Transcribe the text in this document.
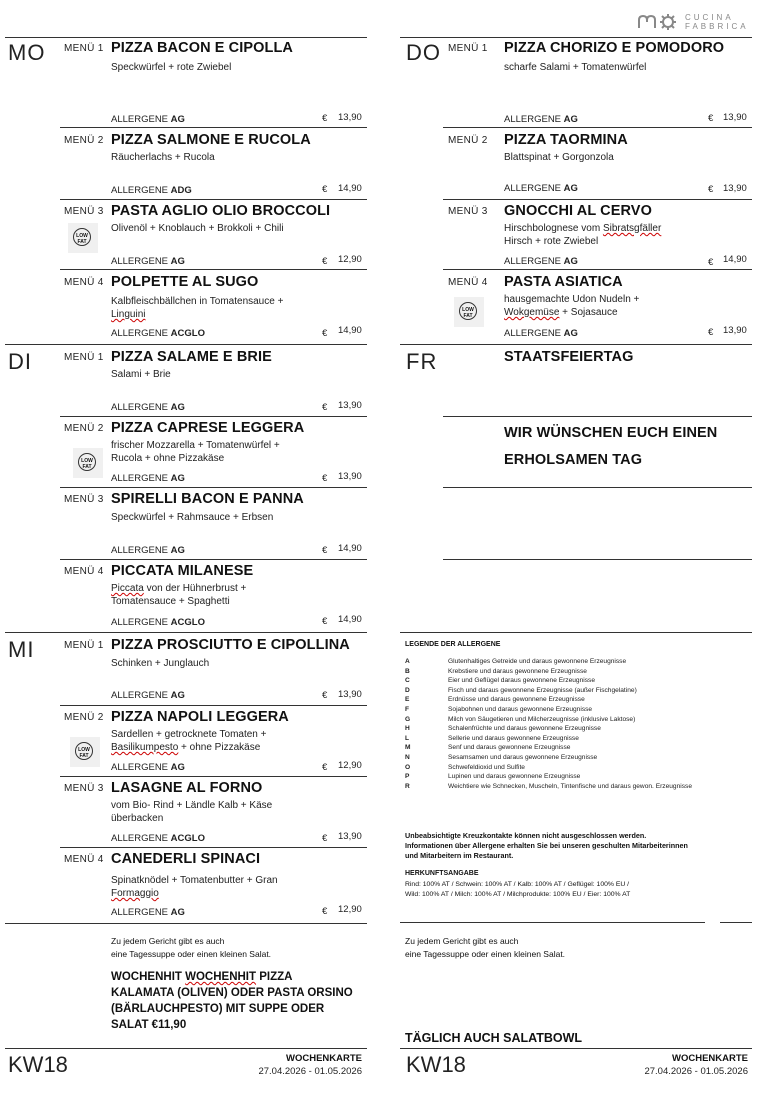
CUCINA
FABBRICA
MO MENÜ 1 PIZZA BACON E CIPOLLA
Speckwürfel + rote Zwiebel
ALLERGENE AG	€ 13,90
MENÜ 2 PIZZA SALMONE E RUCOLA
Räucherlachs + Rucola
ALLERGENE ADG	€ 14,90
MENÜ 3
LOW
FAT
PASTA AGLIO OLIO BROCCOLI
Olivenöl + Knoblauch + Brokkoli + Chili
ALLERGENE AG	€ 12,90
MENÜ 4 POLPETTE AL SUGO
Kalbfleischbällchen in Tomatensauce +
Linguini
ALLERGENE ACGLO	€ 14,90
DI	MENÜ 1 PIZZA SALAME E BRIE
Salami + Brie
ALLERGENE AG	€ 13,90
MENÜ 2
LOW
FAT
PIZZA CAPRESE LEGGERA
frischer Mozzarella + Tomatenwürfel +
Rucola + ohne Pizzakäse
ALLERGENE AG	€ 13,90
MENÜ 3 SPIRELLI BACON E PANNA
Speckwürfel + Rahmsauce + Erbsen
ALLERGENE AG	€ 14,90
MENÜ 4 PICCATA MILANESE
Piccata von der Hühnerbrust +
Tomatensauce + Spaghetti
ALLERGENE ACGLO	€ 14,90
MI	MENÜ 1 PIZZA PROSCIUTTO E CIPOLLINA
Schinken + Junglauch
ALLERGENE AG	€ 13,90
MENÜ 2
LOW
FAT
PIZZA NAPOLI LEGGERA
Sardellen + getrocknete Tomaten +
Basilikumpesto + ohne Pizzakäse
ALLERGENE AG	€ 12,90
MENÜ 3 LASAGNE AL FORNO
vom Bio- Rind + Ländle Kalb + Käse
überbacken
ALLERGENE ACGLO	€ 13,90
MENÜ 4 CANEDERLI SPINACI
Spinatknödel + Tomatenbutter + Gran
Formaggio
ALLERGENE AG	€ 12,90
Zu jedem Gericht gibt es auch
eine Tagessuppe oder einen kleinen Salat.
WOCHENHIT WOCHENHIT PIZZA
KALAMATA (OLIVEN) ODER PASTA ORSINO
(BÄRLAUCHPESTO) MIT SUPPE ODER
SALAT €11,90
KW18	WOCHENKARTE
27.04.2026 - 01.05.2026
DO MENÜ 1 PIZZA CHORIZO E POMODORO
scharfe Salami + Tomatenwürfel
ALLERGENE AG	€ 13,90
MENÜ 2 PIZZA TAORMINA
Blattspinat + Gorgonzola
ALLERGENE AG	€ 13,90
MENÜ 3 GNOCCHI AL CERVO
Hirschbolognese vom Sibratsgfäller
Hirsch + rote Zwiebel
ALLERGENE AG	€ 14,90
MENÜ 4
LOW
FAT
PASTA ASIATICA
hausgemachte Udon Nudeln +
Wokgemüse + Sojasauce
ALLERGENE AG	€ 13,90
FR	STAATSFEIERTAG
WIR WÜNSCHEN EUCH EINEN
ERHOLSAMEN TAG
LEGENDE DER ALLERGENE
A	Glutenhaltiges Getreide und daraus gewonnene Erzeugnisse
B	Krebstiere und daraus gewonnene Erzeugnisse
C	Eier und Geflügel daraus gewonnene Erzeugnisse
D	Fisch und daraus gewonnene Erzeugnisse (außer Fischgelatine)
E	Erdnüsse und daraus gewonnene Erzeugnisse
F	Sojabohnen und daraus gewonnene Erzeugnisse
G	Milch von Säugetieren und Milcherzeugnisse (inklusive Laktose)
H	Schalenfrüchte und daraus gewonnene Erzeugnisse
L	Sellerie und daraus gewonnene Erzeugnisse
M	Senf und daraus gewonnene Erzeugnisse
N	Sesamsamen und daraus gewonnene Erzeugnisse
O	Schwefeldioxid und Sulfite
P	Lupinen und daraus gewonnene Erzeugnisse
R	Weichtiere wie Schnecken, Muscheln, Tintenfische und daraus gewon. Erzeugnisse
Unbeabsichtigte Kreuzkontakte können nicht ausgeschlossen werden.
Informationen über Allergene erhalten Sie bei unseren geschulten Mitarbeiterinnen
und Mitarbeitern im Restaurant.
HERKUNFTSANGABE
Rind: 100% AT / Schwein: 100% AT / Kalb: 100% AT / Geflügel: 100% EU /
Wild: 100% AT / Milch: 100% AT / Milchprodukte: 100% EU / Eier: 100% AT
Zu jedem Gericht gibt es auch
eine Tagessuppe oder einen kleinen Salat.
TÄGLICH AUCH SALATBOWL
KW18	WOCHENKARTE
27.04.2026 - 01.05.2026
